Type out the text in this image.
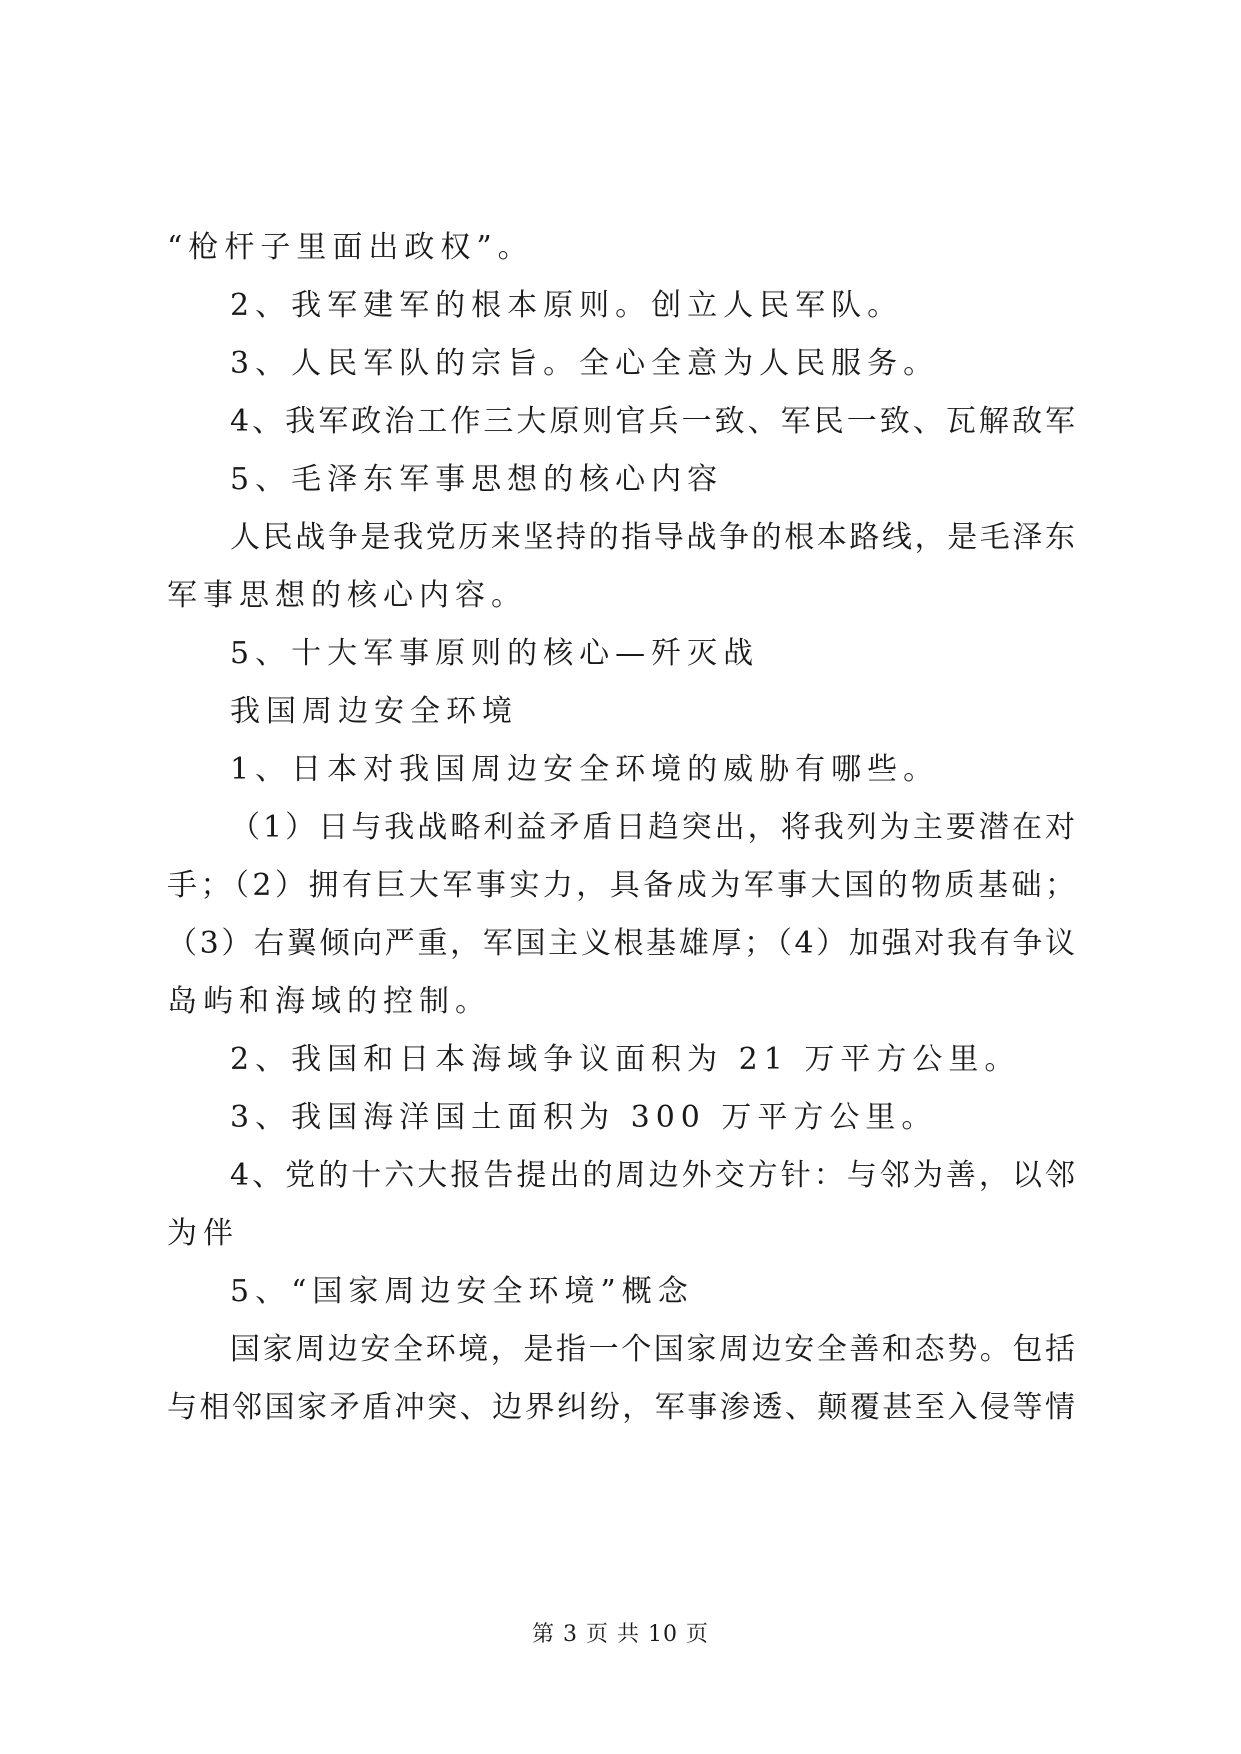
“枪杆子里面出政权”。
2、我军建军的根本原则。创立人民军队。
3、人民军队的宗旨。全心全意为人民服务。
4、我军政治工作三大原则官兵一致、军民一致、瓦解敌军
5、毛泽东军事思想的核心内容
人民战争是我党历来坚持的指导战争的根本路线，是毛泽东
军事思想的核心内容。
5、十大军事原则的核心—歼灭战
我国周边安全环境
1、日本对我国周边安全环境的威胁有哪些。
（1）日与我战略利益矛盾日趋突出，将我列为主要潜在对
手；（2）拥有巨大军事实力，具备成为军事大国的物质基础；
（3）右翼倾向严重，军国主义根基雄厚；（4）加强对我有争议
岛屿和海域的控制。
2、我国和日本海域争议面积为 21 万平方公里。
3、我国海洋国土面积为 300 万平方公里。
4、党的十六大报告提出的周边外交方针：与邻为善，以邻
为伴
5、“国家周边安全环境”概念
国家周边安全环境，是指一个国家周边安全善和态势。包括
与相邻国家矛盾冲突、边界纠纷，军事渗透、颠覆甚至入侵等情
第 3 页 共 10 页
